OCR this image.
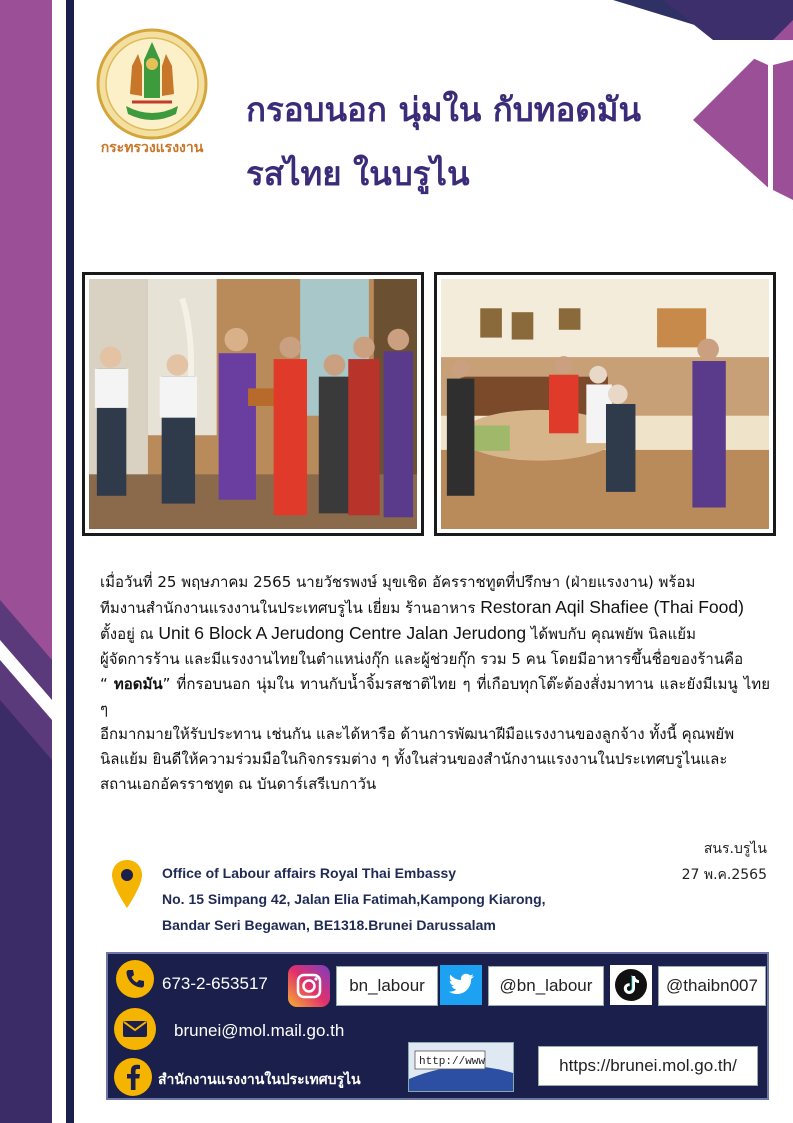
กระทรวงแรงงาน
กรอบนอก นุ่มใน กับทอดมัน
รสไทย ในบรูไน
เมื่อวันที่ 25 พฤษภาคม 2565 นายวัชรพงษ์ มุขเชิด อัครราชทูตที่ปรึกษา (ฝ่ายแรงงาน) พร้อม
ทีมงานสำนักงานแรงงานในประเทศบรูไน เยี่ยม ร้านอาหาร Restoran Aqil Shafiee (Thai Food)
ตั้งอยู่ ณ Unit 6 Block A Jerudong Centre Jalan Jerudong ได้พบกับ คุณพยัพ นิลแย้ม
ผู้จัดการร้าน และมีแรงงานไทยในตำแหน่งกุ๊ก และผู้ช่วยกุ๊ก รวม 5 คน โดยมีอาหารขึ้นชื่อของร้านคือ
“ ทอดมัน” ที่กรอบนอก นุ่มใน ทานกับน้ำจิ้มรสชาติไทย ๆ ที่เกือบทุกโต๊ะต้องสั่งมาทาน และยังมีเมนู ไทย ๆ
อีกมากมายให้รับประทาน เช่นกัน และได้หารือ ด้านการพัฒนาฝีมือแรงงานของลูกจ้าง ทั้งนี้ คุณพยัพ
นิลแย้ม ยินดีให้ความร่วมมือในกิจกรรมต่าง ๆ ทั้งในส่วนของสำนักงานแรงงานในประเทศบรูไนและ
สถานเอกอัครราชทูต ณ บันดาร์เสรีเบกาวัน
สนร.บรูไน
27 พ.ค.2565
Office of Labour affairs Royal Thai Embassy
No. 15 Simpang 42, Jalan Elia Fatimah,Kampong Kiarong,
Bandar Seri Begawan, BE1318.Brunei Darussalam
673-2-653517	bn_labour	@bn_labour	@thaibn007
brunei@mol.mail.go.th
สำนักงานแรงงานในประเทศบรูไน
http://www	https://brunei.mol.go.th/
